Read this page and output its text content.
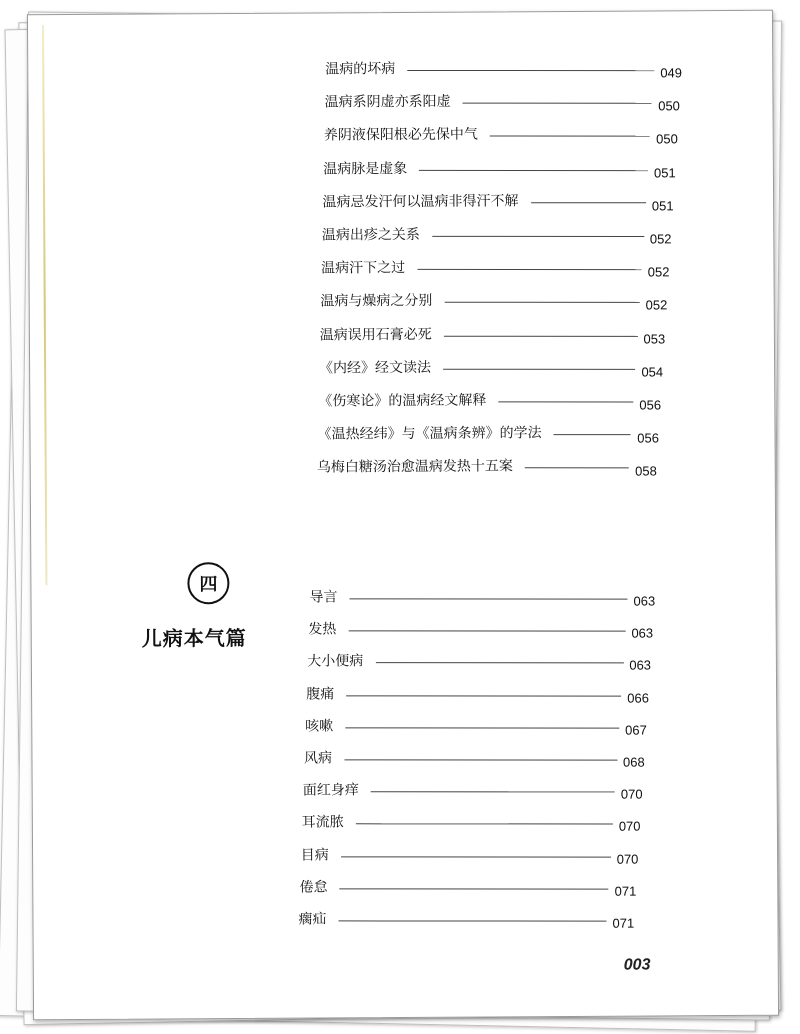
温病的坏病	049
温病系阴虚亦系阳虚	050
养阴液保阳根必先保中气	050
温病脉是虚象	051
温病忌发汗何以温病非得汗不解	051
温病出疹之关系	052
温病汗下之过	052
温病与燥病之分别	052
温病误用石膏必死	053
《内经》经文读法	054
《伤寒论》的温病经文解释	056
《温热经纬》与《温病条辨》的学法	056
乌梅白糖汤治愈温病发热十五案	058
四
儿病本气篇
导言	063
发热	063
大小便病	063
腹痛	066
咳嗽	067
风病	068
面红身痒	070
耳流脓	070
目病	070
倦怠	071
瘸疝	071
003
